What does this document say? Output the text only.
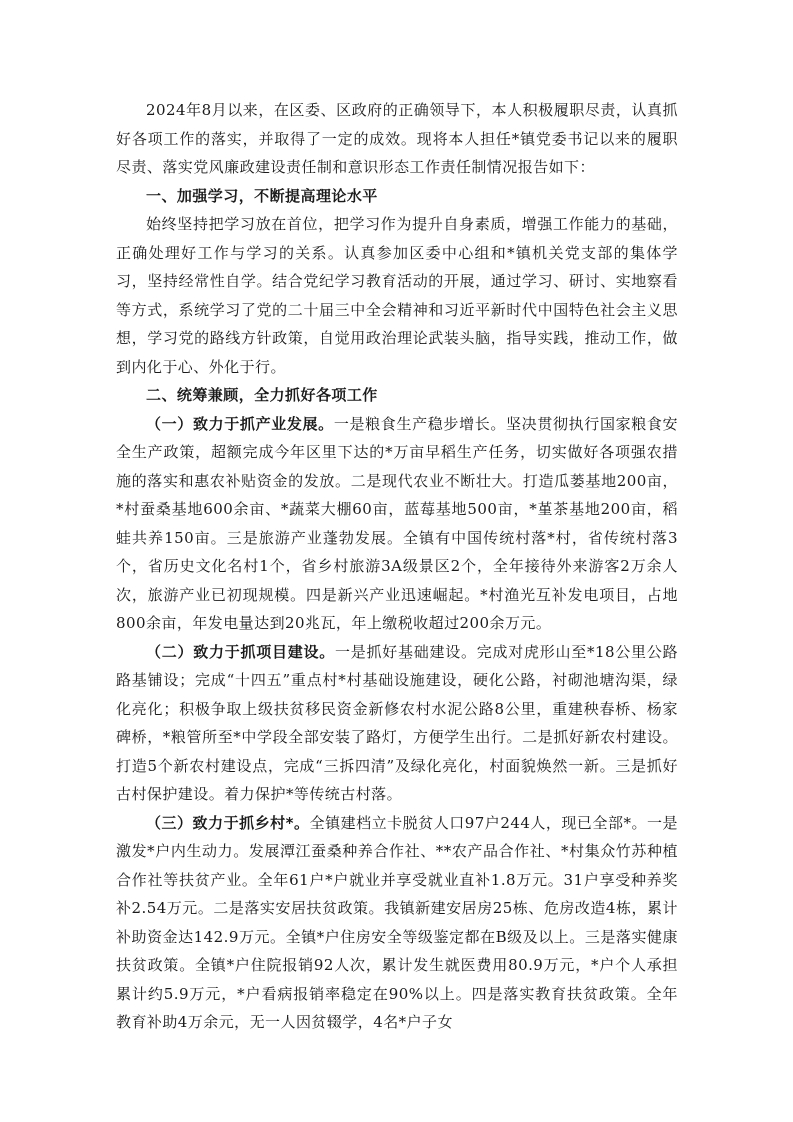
2024年8月以来，在区委、区政府的正确领导下，本人积极履职尽责，认真抓好各项工作的落实，并取得了一定的成效。现将本人担任*镇党委书记以来的履职尽责、落实党风廉政建设责任制和意识形态工作责任制情况报告如下：

一、加强学习，不断提高理论水平

始终坚持把学习放在首位，把学习作为提升自身素质，增强工作能力的基础，正确处理好工作与学习的关系。认真参加区委中心组和*镇机关党支部的集体学习，坚持经常性自学。结合党纪学习教育活动的开展，通过学习、研讨、实地察看等方式，系统学习了党的二十届三中全会精神和习近平新时代中国特色社会主义思想，学习党的路线方针政策，自觉用政治理论武装头脑，指导实践，推动工作，做到内化于心、外化于行。

二、统筹兼顾，全力抓好各项工作

（一）致力于抓产业发展。一是粮食生产稳步增长。坚决贯彻执行国家粮食安全生产政策，超额完成今年区里下达的*万亩早稻生产任务，切实做好各项强农措施的落实和惠农补贴资金的发放。二是现代农业不断壮大。打造瓜蒌基地200亩，*村蚕桑基地600余亩、*蔬菜大棚60亩，蓝莓基地500亩，*堇茶基地200亩，稻蛙共养150亩。三是旅游产业蓬勃发展。全镇有中国传统村落*村，省传统村落3个，省历史文化名村1个，省乡村旅游3A级景区2个，全年接待外来游客2万余人次，旅游产业已初现规模。四是新兴产业迅速崛起。*村渔光互补发电项目，占地800余亩，年发电量达到20兆瓦，年上缴税收超过200余万元。

（二）致力于抓项目建设。一是抓好基础建设。完成对虎形山至*18公里公路路基铺设；完成“十四五”重点村*村基础设施建设，硬化公路，衬砌池塘沟渠，绿化亮化；积极争取上级扶贫移民资金新修农村水泥公路8公里，重建秧春桥、杨家碑桥，*粮管所至*中学段全部安装了路灯，方便学生出行。二是抓好新农村建设。打造5个新农村建设点，完成“三拆四清”及绿化亮化，村面貌焕然一新。三是抓好古村保护建设。着力保护*等传统古村落。

（三）致力于抓乡村*。全镇建档立卡脱贫人口97户244人，现已全部*。一是激发*户内生动力。发展潭江蚕桑种养合作社、**农产品合作社、*村集众竹苏种植合作社等扶贫产业。全年61户*户就业并享受就业直补1.8万元。31户享受种养奖补2.54万元。二是落实安居扶贫政策。我镇新建安居房25栋、危房改造4栋，累计补助资金达142.9万元。全镇*户住房安全等级鉴定都在B级及以上。三是落实健康扶贫政策。全镇*户住院报销92人次，累计发生就医费用80.9万元，*户个人承担累计约5.9万元，*户看病报销率稳定在90%以上。四是落实教育扶贫政策。全年教育补助4万余元，无一人因贫辍学，4名*户子女
